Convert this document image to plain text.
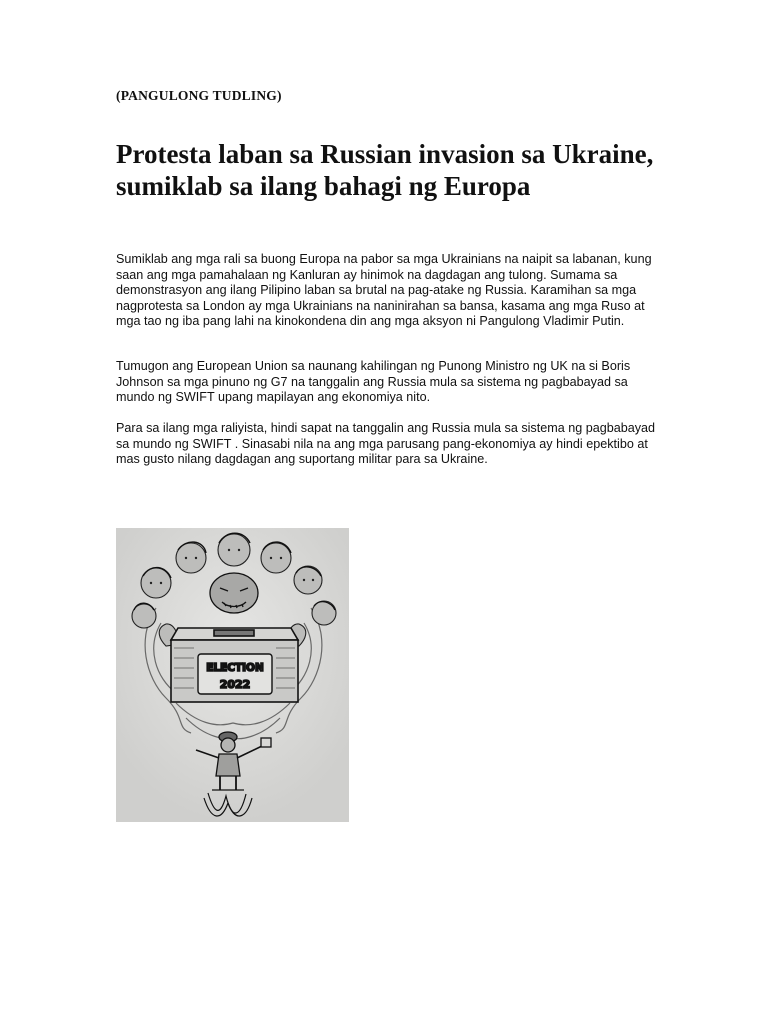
(PANGULONG TUDLING)
Protesta laban sa Russian invasion sa Ukraine, sumiklab sa ilang bahagi ng Europa

Sumiklab ang mga rali sa buong Europa na pabor sa mga Ukrainians na naipit sa labanan, kung saan ang mga pamahalaan ng Kanluran ay hinimok na dagdagan ang tulong. Sumama sa demonstrasyon ang ilang Pilipino laban sa brutal na pag-atake ng Russia. Karamihan sa mga nagprotesta sa London ay mga Ukrainians na naninirahan sa bansa, kasama ang mga Ruso at mga tao ng iba pang lahi na kinokondena din ang mga aksyon ni Pangulong Vladimir Putin.

Tumugon ang European Union sa naunang kahilingan ng Punong Ministro ng UK na si Boris Johnson sa mga pinuno ng G7 na tanggalin ang Russia mula sa sistema ng pagbabayad sa mundo ng SWIFT upang mapilayan ang ekonomiya nito.

Para sa ilang mga raliyista, hindi sapat na tanggalin ang Russia mula sa sistema ng pagbabayad sa mundo ng SWIFT . Sinasabi nila na ang mga parusang pang-ekonomiya ay hindi epektibo at mas gusto nilang dagdagan ang suportang militar para sa Ukraine.

ELECTION
2022
